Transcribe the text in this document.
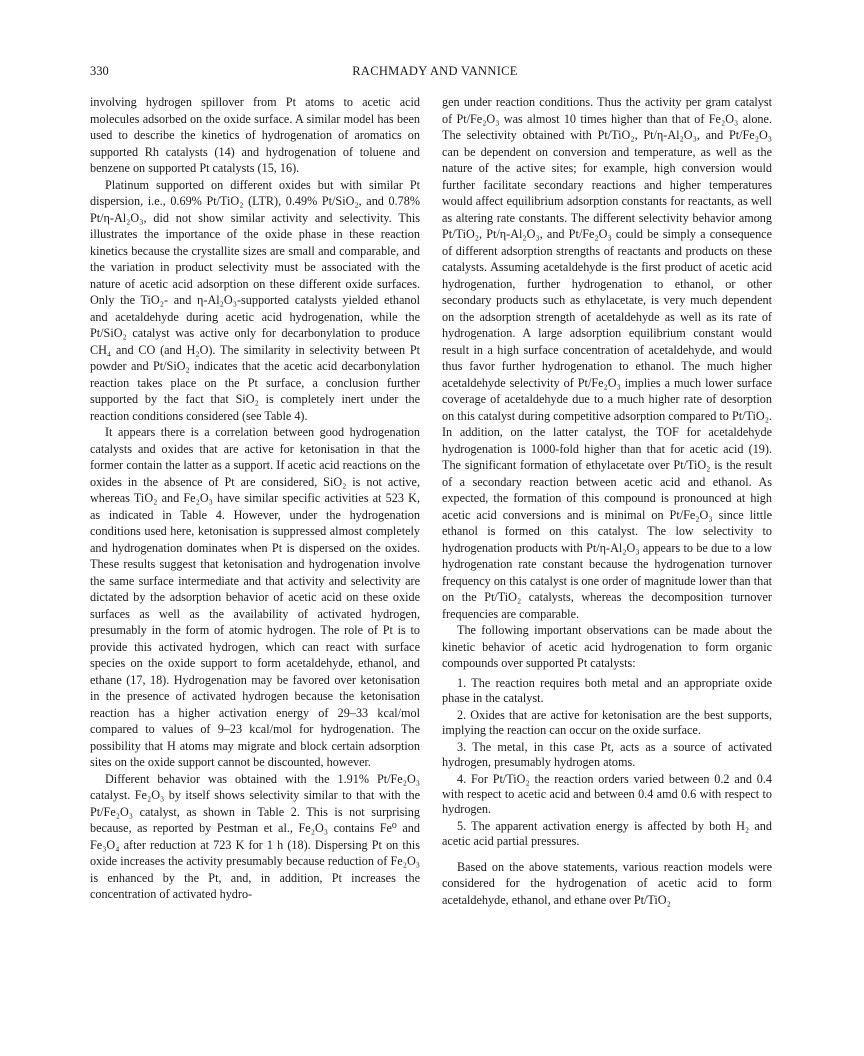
330	RACHMADY AND VANNICE

involving hydrogen spillover from Pt atoms to acetic acid molecules adsorbed on the oxide surface. A similar model has been used to describe the kinetics of hydrogenation of aromatics on supported Rh catalysts (14) and hydrogenation of toluene and benzene on supported Pt catalysts (15, 16).

Platinum supported on different oxides but with similar Pt dispersion, i.e., 0.69% Pt/TiO₂ (LTR), 0.49% Pt/SiO₂, and 0.78% Pt/η-Al₂O₃, did not show similar activity and selectivity. This illustrates the importance of the oxide phase in these reaction kinetics because the crystallite sizes are small and comparable, and the variation in product selectivity must be associated with the nature of acetic acid adsorption on these different oxide surfaces. Only the TiO₂- and η-Al₂O₃-supported catalysts yielded ethanol and acetaldehyde during acetic acid hydrogenation, while the Pt/SiO₂ catalyst was active only for decarbonylation to produce CH₄ and CO (and H₂O). The similarity in selectivity between Pt powder and Pt/SiO₂ indicates that the acetic acid decarbonylation reaction takes place on the Pt surface, a conclusion further supported by the fact that SiO₂ is completely inert under the reaction conditions considered (see Table 4).

It appears there is a correlation between good hydrogenation catalysts and oxides that are active for ketonisation in that the former contain the latter as a support. If acetic acid reactions on the oxides in the absence of Pt are considered, SiO₂ is not active, whereas TiO₂ and Fe₂O₃ have similar specific activities at 523 K, as indicated in Table 4. However, under the hydrogenation conditions used here, ketonisation is suppressed almost completely and hydrogenation dominates when Pt is dispersed on the oxides. These results suggest that ketonisation and hydrogenation involve the same surface intermediate and that activity and selectivity are dictated by the adsorption behavior of acetic acid on these oxide surfaces as well as the availability of activated hydrogen, presumably in the form of atomic hydrogen. The role of Pt is to provide this activated hydrogen, which can react with surface species on the oxide support to form acetaldehyde, ethanol, and ethane (17, 18). Hydrogenation may be favored over ketonisation in the presence of activated hydrogen because the ketonisation reaction has a higher activation energy of 29–33 kcal/mol compared to values of 9–23 kcal/mol for hydrogenation. The possibility that H atoms may migrate and block certain adsorption sites on the oxide support cannot be discounted, however.

Different behavior was obtained with the 1.91% Pt/Fe₂O₃ catalyst. Fe₂O₃ by itself shows selectivity similar to that with the Pt/Fe₂O₃ catalyst, as shown in Table 2. This is not surprising because, as reported by Pestman et al., Fe₂O₃ contains Fe⁰ and Fe₃O₄ after reduction at 723 K for 1 h (18). Dispersing Pt on this oxide increases the activity presumably because reduction of Fe₂O₃ is enhanced by the Pt, and, in addition, Pt increases the concentration of activated hydro-

gen under reaction conditions. Thus the activity per gram catalyst of Pt/Fe₂O₃ was almost 10 times higher than that of Fe₂O₃ alone. The selectivity obtained with Pt/TiO₂, Pt/η-Al₂O₃, and Pt/Fe₂O₃ can be dependent on conversion and temperature, as well as the nature of the active sites; for example, high conversion would further facilitate secondary reactions and higher temperatures would affect equilibrium adsorption constants for reactants, as well as altering rate constants. The different selectivity behavior among Pt/TiO₂, Pt/η-Al₂O₃, and Pt/Fe₂O₃ could be simply a consequence of different adsorption strengths of reactants and products on these catalysts. Assuming acetaldehyde is the first product of acetic acid hydrogenation, further hydrogenation to ethanol, or other secondary products such as ethylacetate, is very much dependent on the adsorption strength of acetaldehyde as well as its rate of hydrogenation. A large adsorption equilibrium constant would result in a high surface concentration of acetaldehyde, and would thus favor further hydrogenation to ethanol. The much higher acetaldehyde selectivity of Pt/Fe₂O₃ implies a much lower surface coverage of acetaldehyde due to a much higher rate of desorption on this catalyst during competitive adsorption compared to Pt/TiO₂. In addition, on the latter catalyst, the TOF for acetaldehyde hydrogenation is 1000-fold higher than that for acetic acid (19). The significant formation of ethylacetate over Pt/TiO₂ is the result of a secondary reaction between acetic acid and ethanol. As expected, the formation of this compound is pronounced at high acetic acid conversions and is minimal on Pt/Fe₂O₃ since little ethanol is formed on this catalyst. The low selectivity to hydrogenation products with Pt/η-Al₂O₃ appears to be due to a low hydrogenation rate constant because the hydrogenation turnover frequency on this catalyst is one order of magnitude lower than that on the Pt/TiO₂ catalysts, whereas the decomposition turnover frequencies are comparable.

The following important observations can be made about the kinetic behavior of acetic acid hydrogenation to form organic compounds over supported Pt catalysts:

1. The reaction requires both metal and an appropriate oxide phase in the catalyst.

2. Oxides that are active for ketonisation are the best supports, implying the reaction can occur on the oxide surface.

3. The metal, in this case Pt, acts as a source of activated hydrogen, presumably hydrogen atoms.

4. For Pt/TiO₂ the reaction orders varied between 0.2 and 0.4 with respect to acetic acid and between 0.4 amd 0.6 with respect to hydrogen.

5. The apparent activation energy is affected by both H₂ and acetic acid partial pressures.

Based on the above statements, various reaction models were considered for the hydrogenation of acetic acid to form acetaldehyde, ethanol, and ethane over Pt/TiO₂
